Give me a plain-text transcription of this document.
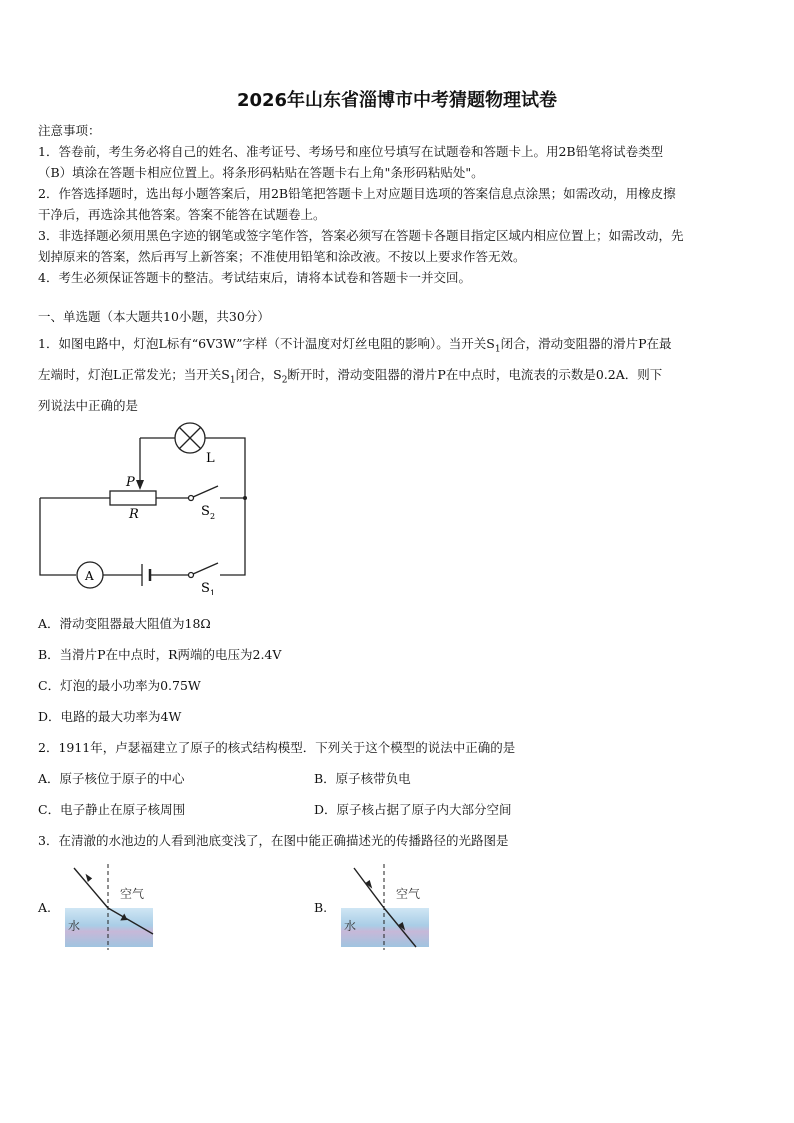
2026年山东省淄博市中考猜题物理试卷
注意事项：
1．答卷前，考生务必将自己的姓名、准考证号、考场号和座位号填写在试题卷和答题卡上。用2B铅笔将试卷类型
（B）填涂在答题卡相应位置上。将条形码粘贴在答题卡右上角"条形码粘贴处"。
2．作答选择题时，选出每小题答案后，用2B铅笔把答题卡上对应题目选项的答案信息点涂黑；如需改动，用橡皮擦
干净后，再选涂其他答案。答案不能答在试题卷上。
3．非选择题必须用黑色字迹的钢笔或签字笔作答，答案必须写在答题卡各题目指定区域内相应位置上；如需改动，先
划掉原来的答案，然后再写上新答案；不准使用铅笔和涂改液。不按以上要求作答无效。
4．考生必须保证答题卡的整洁。考试结束后，请将本试卷和答题卡一并交回。
一、单选题（本大题共10小题，共30分）
1．如图电路中，灯泡L标有“6V3W”字样（不计温度对灯丝电阻的影响）。当开关$S_1$闭合，滑动变阻器的滑片P在最
左端时，灯泡L正常发光；当开关$S_1$闭合，$S_2$断开时，滑动变阻器的滑片P在中点时，电流表的示数是0.2A．则下
列说法中正确的是
L
P
R	S 2
S 1
A
A．滑动变阻器最大阻值为18Ω
B．当滑片P在中点时，R两端的电压为2.4V
C．灯泡的最小功率为0.75W
D．电路的最大功率为4W
2．1911年，卢瑟福建立了原子的核式结构模型．下列关于这个模型的说法中正确的是
A．原子核位于原子的中心	B．原子核带负电
C．电子静止在原子核周围	D．原子核占据了原子内大部分空间
3．在清澈的水池边的人看到池底变浅了，在图中能正确描述光的传播路径的光路图是
A.
空气
水
B.
空气
水
